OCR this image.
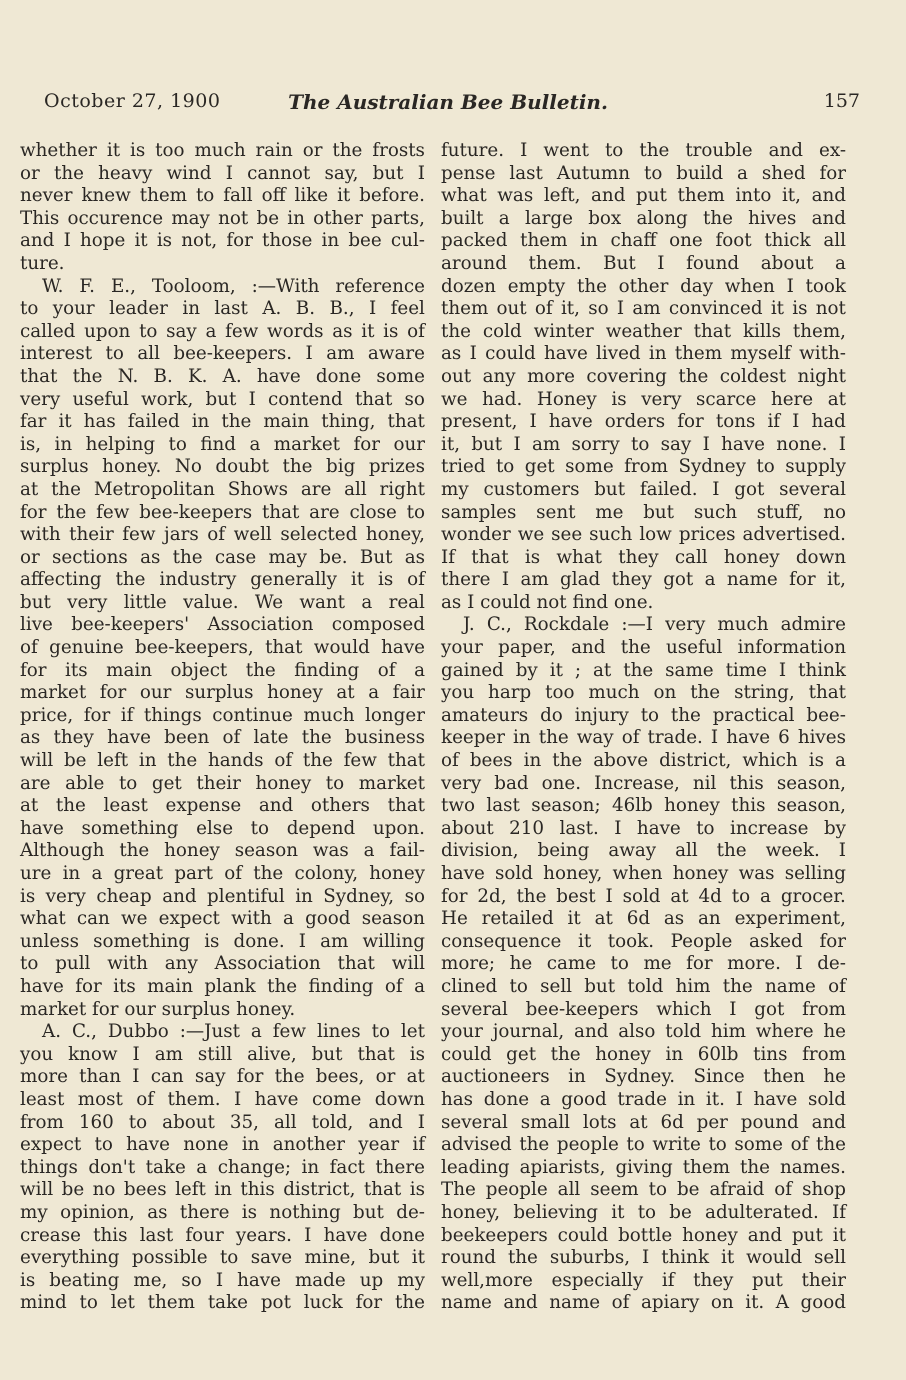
October 27, 1900	The Australian Bee Bulletin.	157
whether it is too much rain or the frosts
or the heavy wind I cannot say, but I
never knew them to fall off like it before.
This occurence may not be in other parts,
and I hope it is not, for those in bee cul-
ture.
W. F. E., Tooloom, :—With reference
to your leader in last A. B. B., I feel
called upon to say a few words as it is of
interest to all bee-keepers. I am aware
that the N. B. K. A. have done some
very useful work, but I contend that so
far it has failed in the main thing, that
is, in helping to find a market for our
surplus honey. No doubt the big prizes
at the Metropolitan Shows are all right
for the few bee-keepers that are close to
with their few jars of well selected honey,
or sections as the case may be. But as
affecting the industry generally it is of
but very little value. We want a real
live bee-keepers' Association composed
of genuine bee-keepers, that would have
for its main object the finding of a
market for our surplus honey at a fair
price, for if things continue much longer
as they have been of late the business
will be left in the hands of the few that
are able to get their honey to market
at the least expense and others that
have something else to depend upon.
Although the honey season was a fail-
ure in a great part of the colony, honey
is very cheap and plentiful in Sydney, so
what can we expect with a good season
unless something is done. I am willing
to pull with any Association that will
have for its main plank the finding of a
market for our surplus honey.
A. C., Dubbo :—Just a few lines to let
you know I am still alive, but that is
more than I can say for the bees, or at
least most of them. I have come down
from 160 to about 35, all told, and I
expect to have none in another year if
things don't take a change; in fact there
will be no bees left in this district, that is
my opinion, as there is nothing but de-
crease this last four years. I have done
everything possible to save mine, but it
is beating me, so I have made up my
mind to let them take pot luck for the
future. I went to the trouble and ex-
pense last Autumn to build a shed for
what was left, and put them into it, and
built a large box along the hives and
packed them in chaff one foot thick all
around them. But I found about a
dozen empty the other day when I took
them out of it, so I am convinced it is not
the cold winter weather that kills them,
as I could have lived in them myself with-
out any more covering the coldest night
we had. Honey is very scarce here at
present, I have orders for tons if I had
it, but I am sorry to say I have none. I
tried to get some from Sydney to supply
my customers but failed. I got several
samples sent me but such stuff, no
wonder we see such low prices advertised.
If that is what they call honey down
there I am glad they got a name for it,
as I could not find one.
J. C., Rockdale :—I very much admire
your paper, and the useful information
gained by it ; at the same time I think
you harp too much on the string, that
amateurs do injury to the practical bee-
keeper in the way of trade. I have 6 hives
of bees in the above district, which is a
very bad one. Increase, nil this season,
two last season; 46lb honey this season,
about 210 last. I have to increase by
division, being away all the week. I
have sold honey, when honey was selling
for 2d, the best I sold at 4d to a grocer.
He retailed it at 6d as an experiment,
consequence it took. People asked for
more; he came to me for more. I de-
clined to sell but told him the name of
several bee-keepers which I got from
your journal, and also told him where he
could get the honey in 60lb tins from
auctioneers in Sydney. Since then he
has done a good trade in it. I have sold
several small lots at 6d per pound and
advised the people to write to some of the
leading apiarists, giving them the names.
The people all seem to be afraid of shop
honey, believing it to be adulterated. If
beekeepers could bottle honey and put it
round the suburbs, I think it would sell
well,more especially if they put their
name and name of apiary on it. A good
